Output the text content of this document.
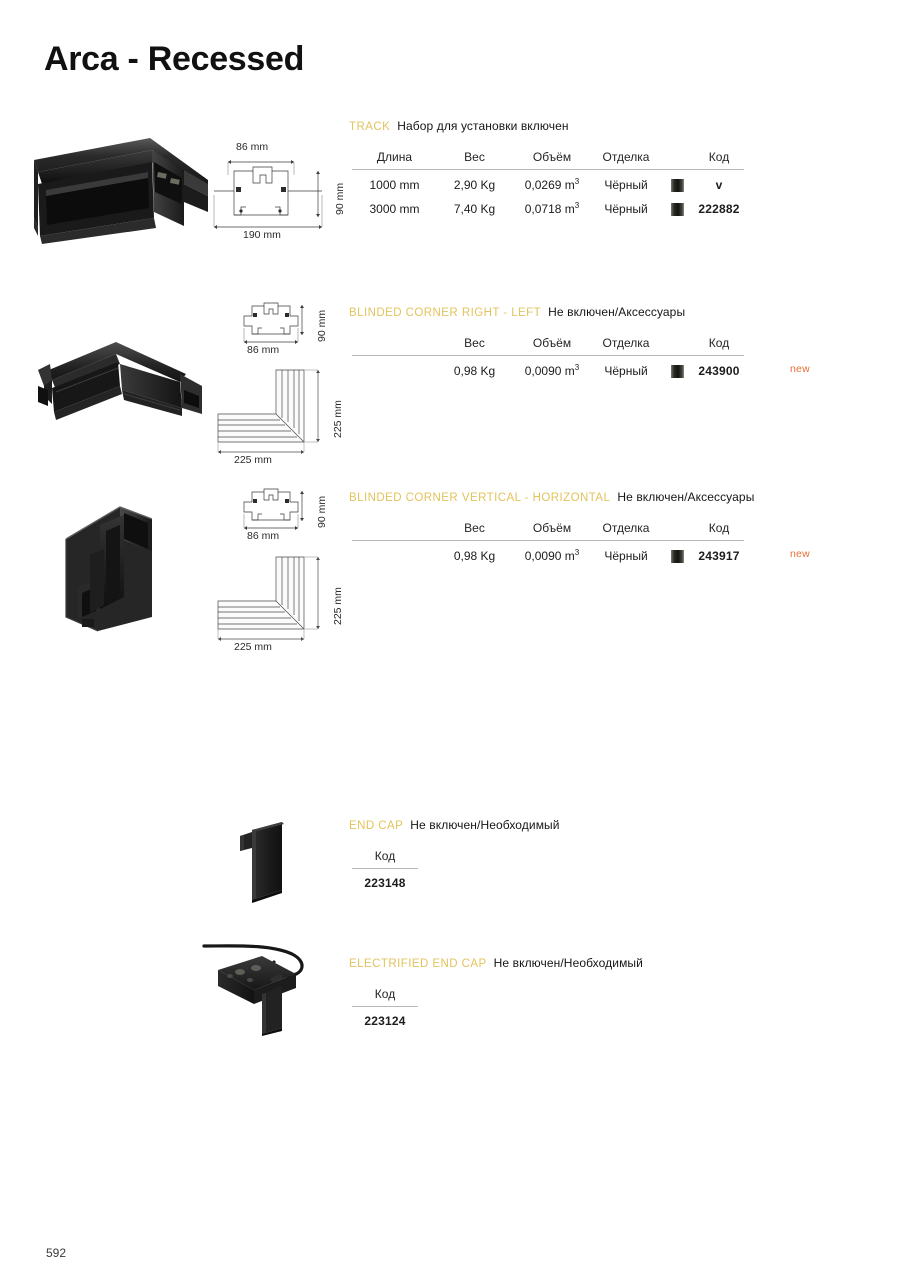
Arca - Recessed
86 mm
90 mm
190 mm
TRACK Набор для установки включен
Длина	Вес	Объём	Отделка		Код
1000 mm	2,90 Kg	0,0269 $m^3$	Чёрный		v
3000 mm	7,40 Kg	0,0718 $m^3$	Чёрный		222882
90 mm
86 mm
225 mm
225 mm
BLINDED CORNER RIGHT - LEFT Не включен/Аксессуары
	Вес	Объём	Отделка		Код
	0,98 Kg	0,0090 $m^3$	Чёрный		243900	new
90 mm
86 mm
225 mm
225 mm
BLINDED CORNER VERTICAL - HORIZONTAL Не включен/Аксессуары
	Вес	Объём	Отделка		Код
	0,98 Kg	0,0090 $m^3$	Чёрный		243917	new
END CAP Не включен/Необходимый
Код
223148
ELECTRIFIED END CAP Не включен/Необходимый
Код
223124
592
